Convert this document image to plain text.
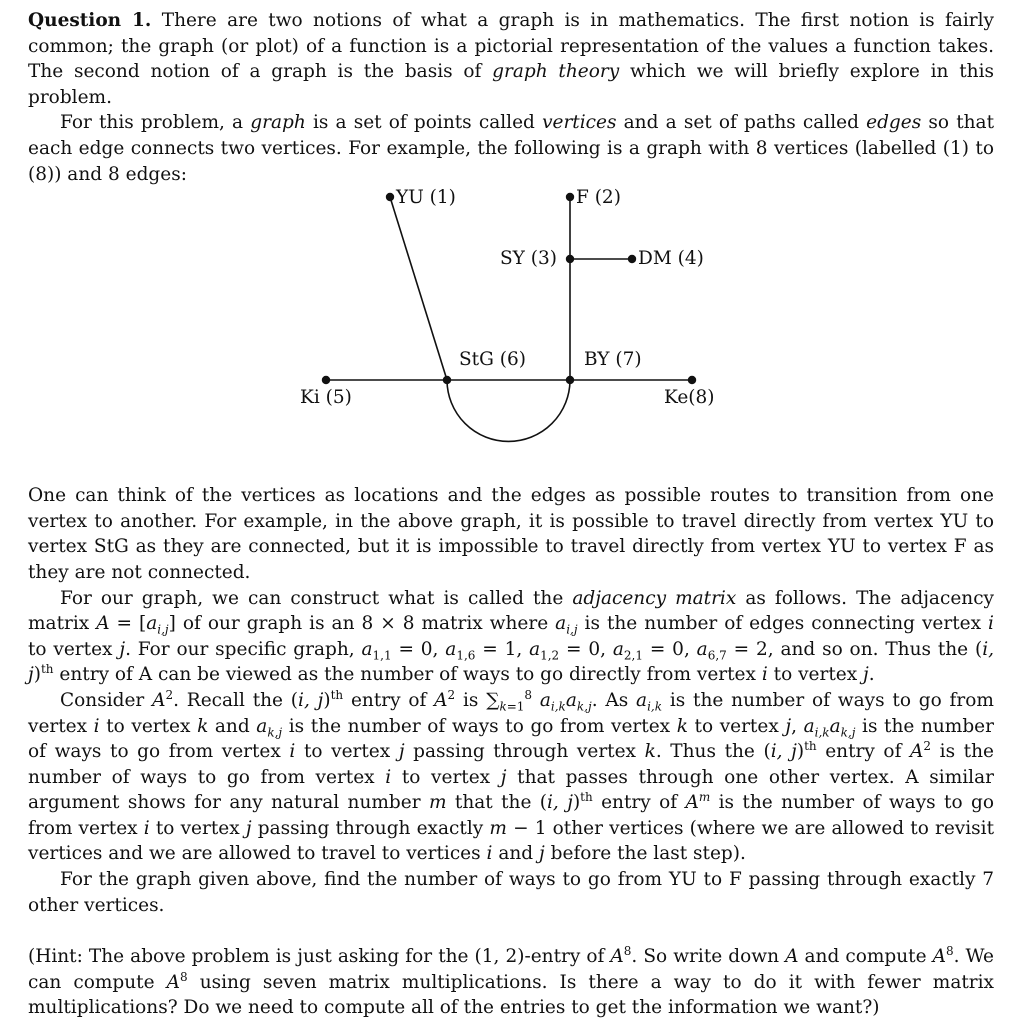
Question 1. There are two notions of what a graph is in mathematics. The first notion is fairly common; the graph (or plot) of a function is a pictorial representation of the values a function takes. The second notion of a graph is the basis of graph theory which we will briefly explore in this problem.

For this problem, a graph is a set of points called vertices and a set of paths called edges so that each edge connects two vertices. For example, the following is a graph with 8 vertices (labelled (1) to (8)) and 8 edges:

YU (1)	F (2)
SY (3)	DM (4)
Ki (5)
StG (6)	BY (7)
Ke(8)

One can think of the vertices as locations and the edges as possible routes to transition from one vertex to another. For example, in the above graph, it is possible to travel directly from vertex YU to vertex StG as they are connected, but it is impossible to travel directly from vertex YU to vertex F as they are not connected.

For our graph, we can construct what is called the adjacency matrix as follows. The adjacency matrix $A = [a_{i,j}]$ of our graph is an 8 × 8 matrix where $a_{i,j}$ is the number of edges connecting vertex i to vertex j. For our specific graph, $a_{1,1} = 0$, $a_{1,6} = 1$, $a_{1,2} = 0$, $a_{2,1} = 0$, $a_{6,7} = 2$, and so on. Thus the (i, j)$^{th}$ entry of A can be viewed as the number of ways to go directly from vertex i to vertex j.

Consider $A^2$. Recall the (i, j)$^{th}$ entry of $A^2$ is $\sum_{k=1}^8$ $a_{i,k}a_{k,j}$. As $a_{i,k}$ is the number of ways to go from vertex i to vertex k and $a_{k,j}$ is the number of ways to go from vertex k to vertex j, $a_{i,k}a_{k,j}$ is the number of ways to go from vertex i to vertex j passing through vertex k. Thus the (i, j)$^{th}$ entry of $A^2$ is the number of ways to go from vertex i to vertex j that passes through one other vertex. A similar argument shows for any natural number m that the (i, j)$^{th}$ entry of $A^m$ is the number of ways to go from vertex i to vertex j passing through exactly m − 1 other vertices (where we are allowed to revisit vertices and we are allowed to travel to vertices i and j before the last step).

For the graph given above, find the number of ways to go from YU to F passing through exactly 7 other vertices.

(Hint: The above problem is just asking for the (1, 2)-entry of $A^8$. So write down A and compute $A^8$. We can compute $A^8$ using seven matrix multiplications. Is there a way to do it with fewer matrix multiplications? Do we need to compute all of the entries to get the information we want?)
